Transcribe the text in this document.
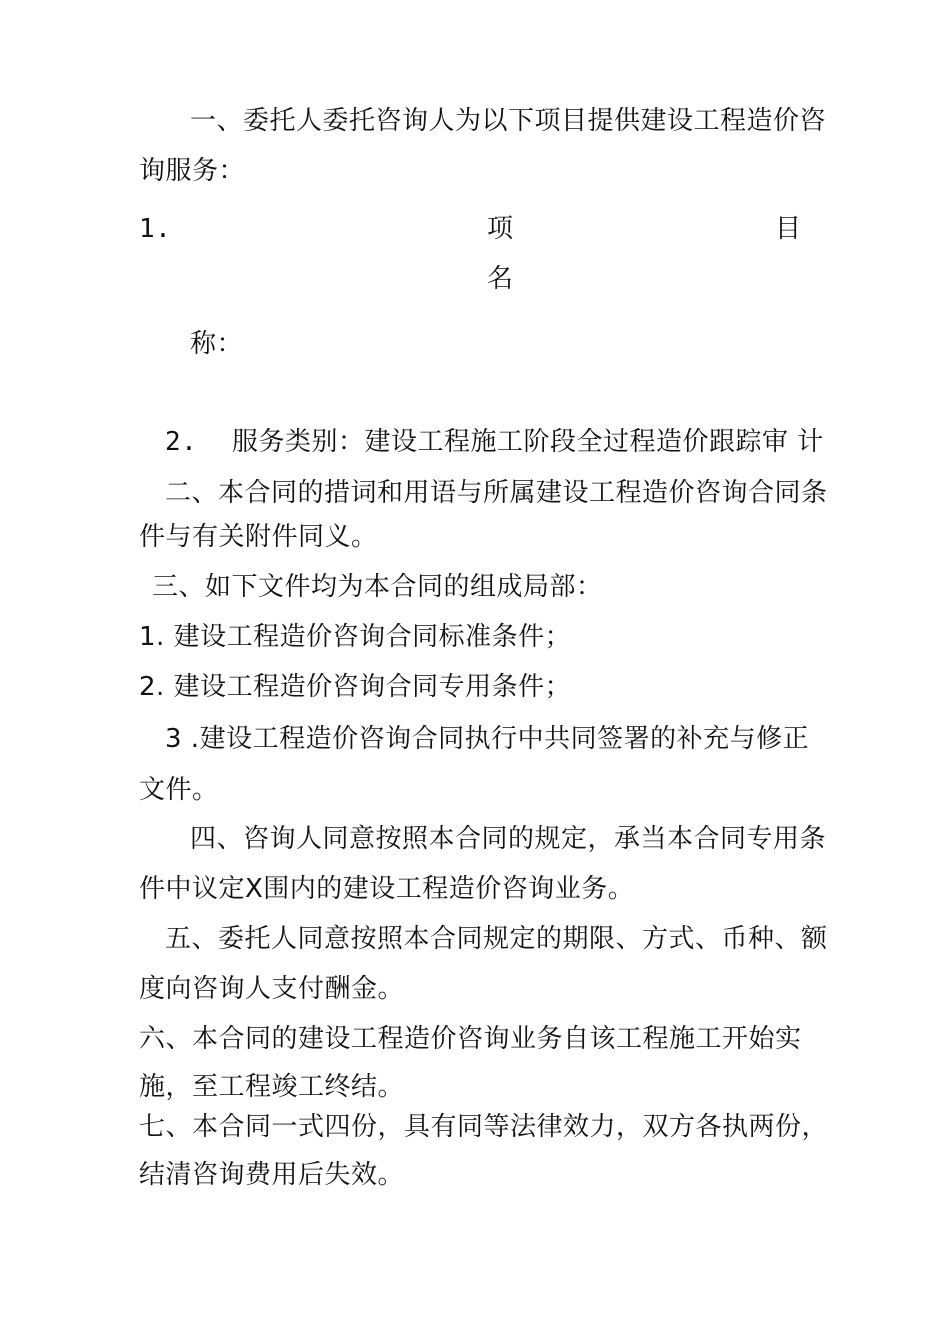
一、委托人委托咨询人为以下项目提供建设工程造价咨
询服务：
1.	项	目
名
称：
2. 服务类别：建设工程施工阶段全过程造价跟踪审 计
二、本合同的措词和用语与所属建设工程造价咨询合同条
件与有关附件同义。
三、如下文件均为本合同的组成局部：
1. 建设工程造价咨询合同标准条件；
2. 建设工程造价咨询合同专用条件；
3 .建设工程造价咨询合同执行中共同签署的补充与修正
文件。
四、咨询人同意按照本合同的规定，承当本合同专用条
件中议定X围内的建设工程造价咨询业务。
五、委托人同意按照本合同规定的期限、方式、币种、额
度向咨询人支付酬金。
六、本合同的建设工程造价咨询业务自该工程施工开始实
施，至工程竣工终结。
七、本合同一式四份，具有同等法律效力，双方各执两份，
结清咨询费用后失效。
